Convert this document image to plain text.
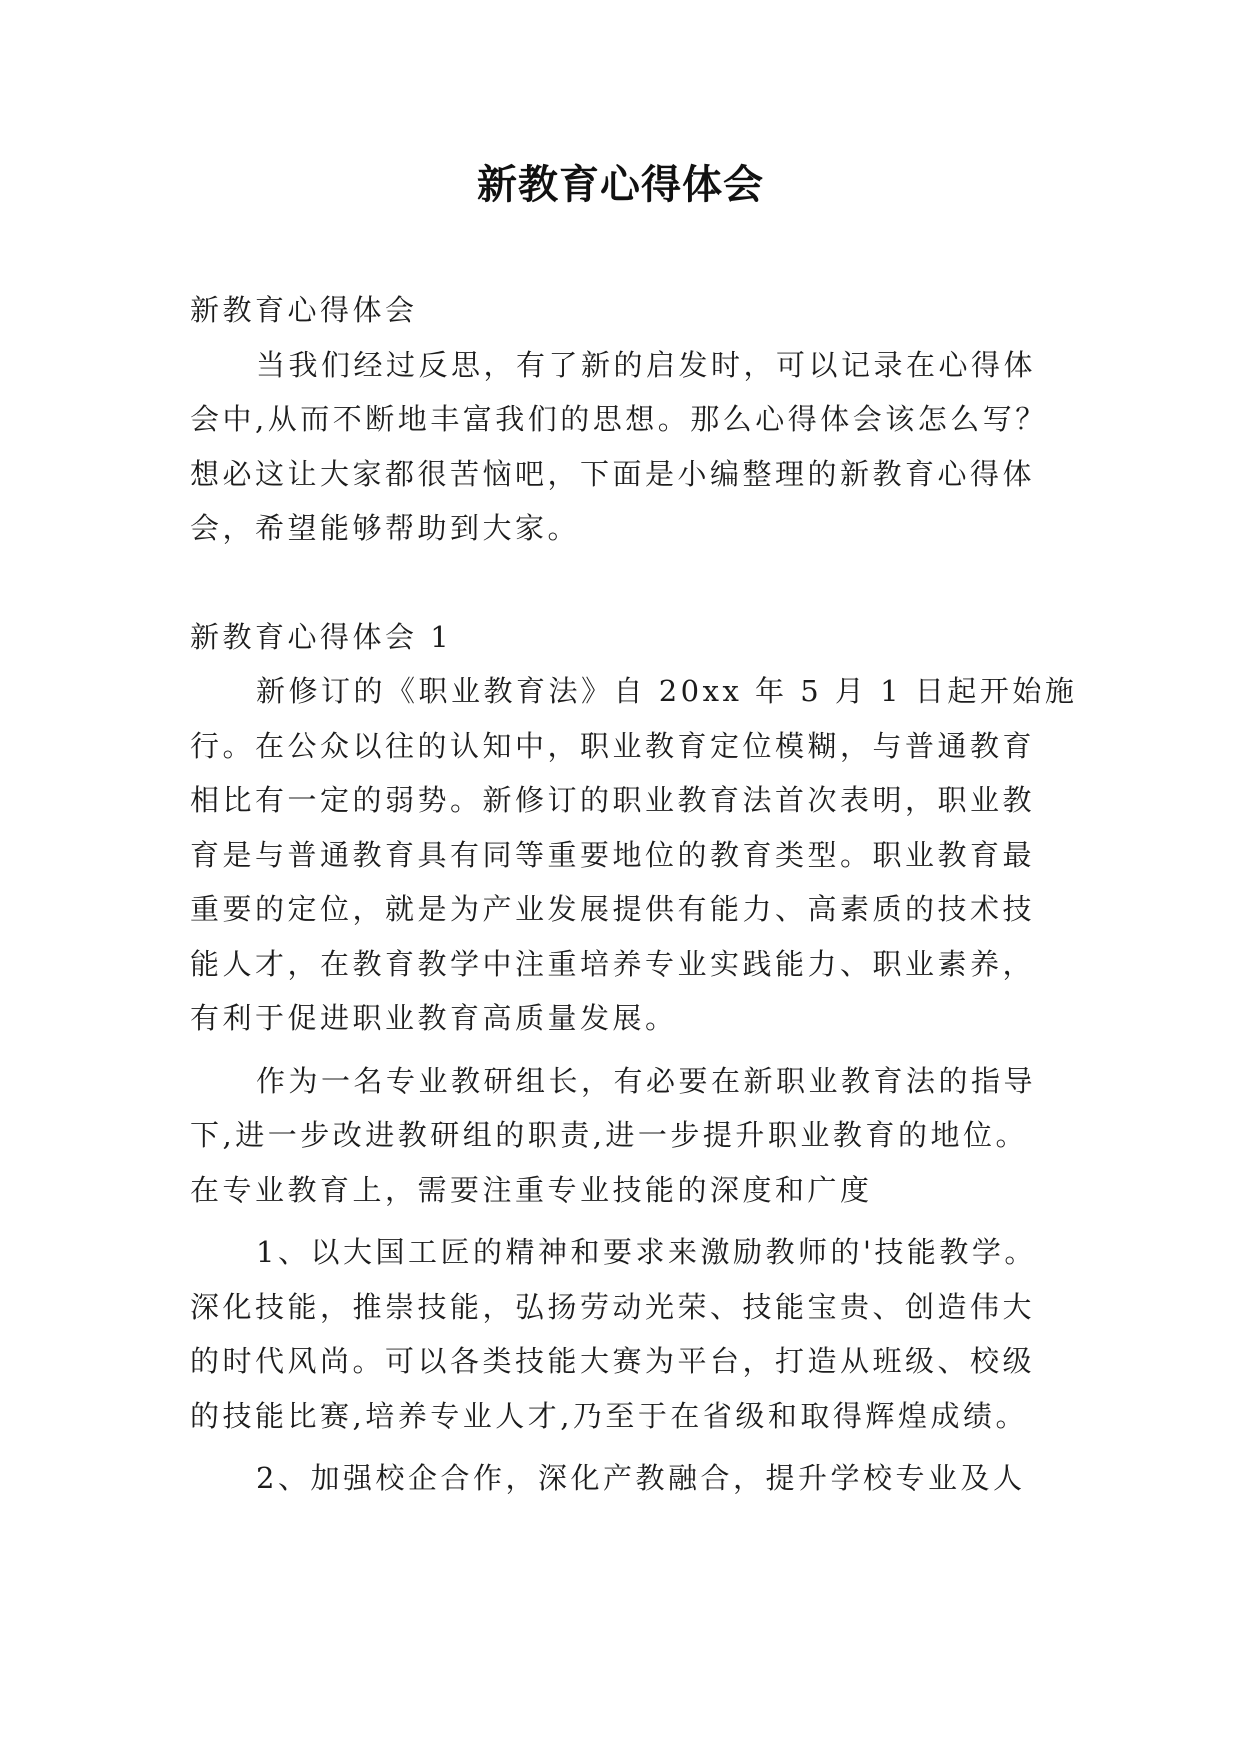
新教育心得体会
新教育心得体会
当我们经过反思，有了新的启发时，可以记录在心得体
会中,从而不断地丰富我们的思想。那么心得体会该怎么写？
想必这让大家都很苦恼吧，下面是小编整理的新教育心得体
会，希望能够帮助到大家。
新教育心得体会 1
新修订的《职业教育法》自 20xx 年 5 月 1 日起开始施
行。在公众以往的认知中，职业教育定位模糊，与普通教育
相比有一定的弱势。新修订的职业教育法首次表明，职业教
育是与普通教育具有同等重要地位的教育类型。职业教育最
重要的定位，就是为产业发展提供有能力、高素质的技术技
能人才，在教育教学中注重培养专业实践能力、职业素养，
有利于促进职业教育高质量发展。
作为一名专业教研组长，有必要在新职业教育法的指导
下,进一步改进教研组的职责,进一步提升职业教育的地位。
在专业教育上，需要注重专业技能的深度和广度
1、以大国工匠的精神和要求来激励教师的'技能教学。
深化技能，推崇技能，弘扬劳动光荣、技能宝贵、创造伟大
的时代风尚。可以各类技能大赛为平台，打造从班级、校级
的技能比赛,培养专业人才,乃至于在省级和取得辉煌成绩。
2、加强校企合作，深化产教融合，提升学校专业及人
